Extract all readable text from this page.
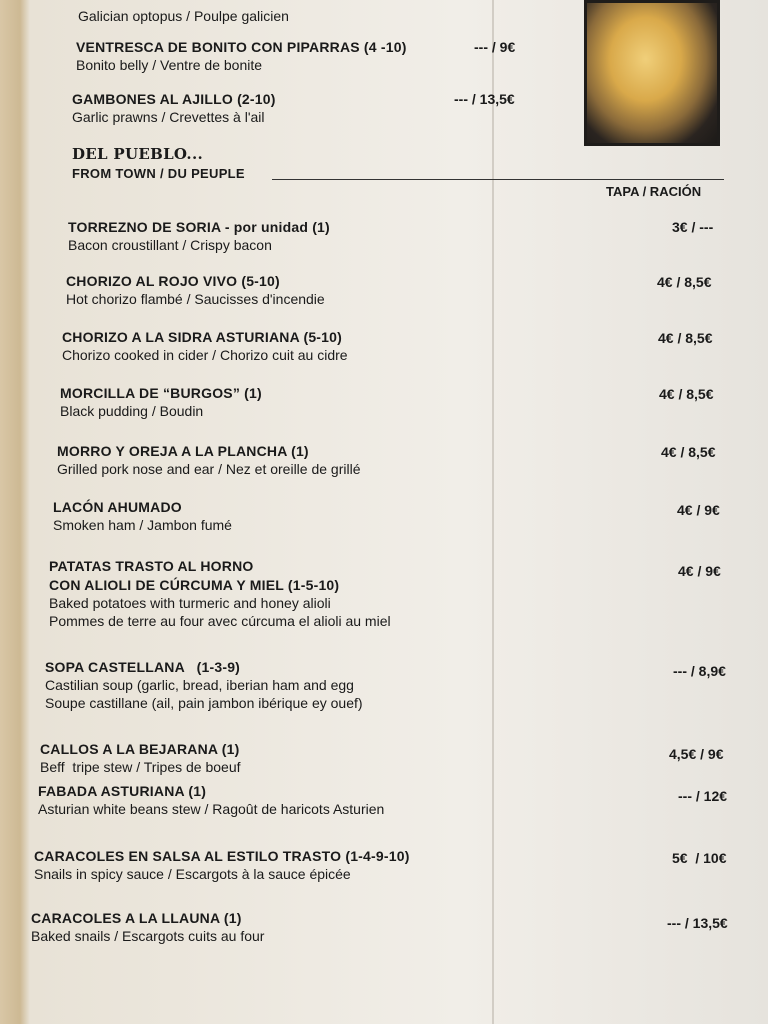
Galician optopus / Poulpe galicien
VENTRESCA DE BONITO CON PIPARRAS (4 -10)
Bonito belly / Ventre de bonite
--- / 9€
GAMBONES AL AJILLO (2-10)
Garlic prawns / Crevettes à l'ail
--- / 13,5€
DEL PUEBLO...
FROM TOWN / DU PEUPLE
TAPA / RACIÓN
TORREZNO DE SORIA - por unidad (1)
Bacon croustillant / Crispy bacon
3€ / ---
CHORIZO AL ROJO VIVO (5-10)
Hot chorizo flambé / Saucisses d'incendie
4€ / 8,5€
CHORIZO A LA SIDRA ASTURIANA (5-10)
Chorizo cooked in cider / Chorizo cuit au cidre
4€ / 8,5€
MORCILLA DE “BURGOS” (1)
Black pudding / Boudin
4€ / 8,5€
MORRO Y OREJA A LA PLANCHA (1)
Grilled pork nose and ear / Nez et oreille de grillé
4€ / 8,5€
LACÓN AHUMADO
Smoken ham / Jambon fumé
4€ / 9€
PATATAS TRASTO AL HORNO
CON ALIOLI DE CÚRCUMA Y MIEL (1-5-10)
Baked potatoes with turmeric and honey alioli
Pommes de terre au four avec cúrcuma el alioli au miel
4€ / 9€
SOPA CASTELLANA   (1-3-9)
Castilian soup (garlic, bread, iberian ham and egg
Soupe castillane (ail, pain jambon ibérique ey ouef)
--- / 8,9€
CALLOS A LA BEJARANA (1)
Beff  tripe stew / Tripes de boeuf
4,5€ / 9€
FABADA ASTURIANA (1)
Asturian white beans stew / Ragoût de haricots Asturien
--- / 12€
CARACOLES EN SALSA AL ESTILO TRASTO (1-4-9-10)
Snails in spicy sauce / Escargots à la sauce épicée
5€  / 10€
CARACOLES A LA LLAUNA (1)
Baked snails / Escargots cuits au four
--- / 13,5€
